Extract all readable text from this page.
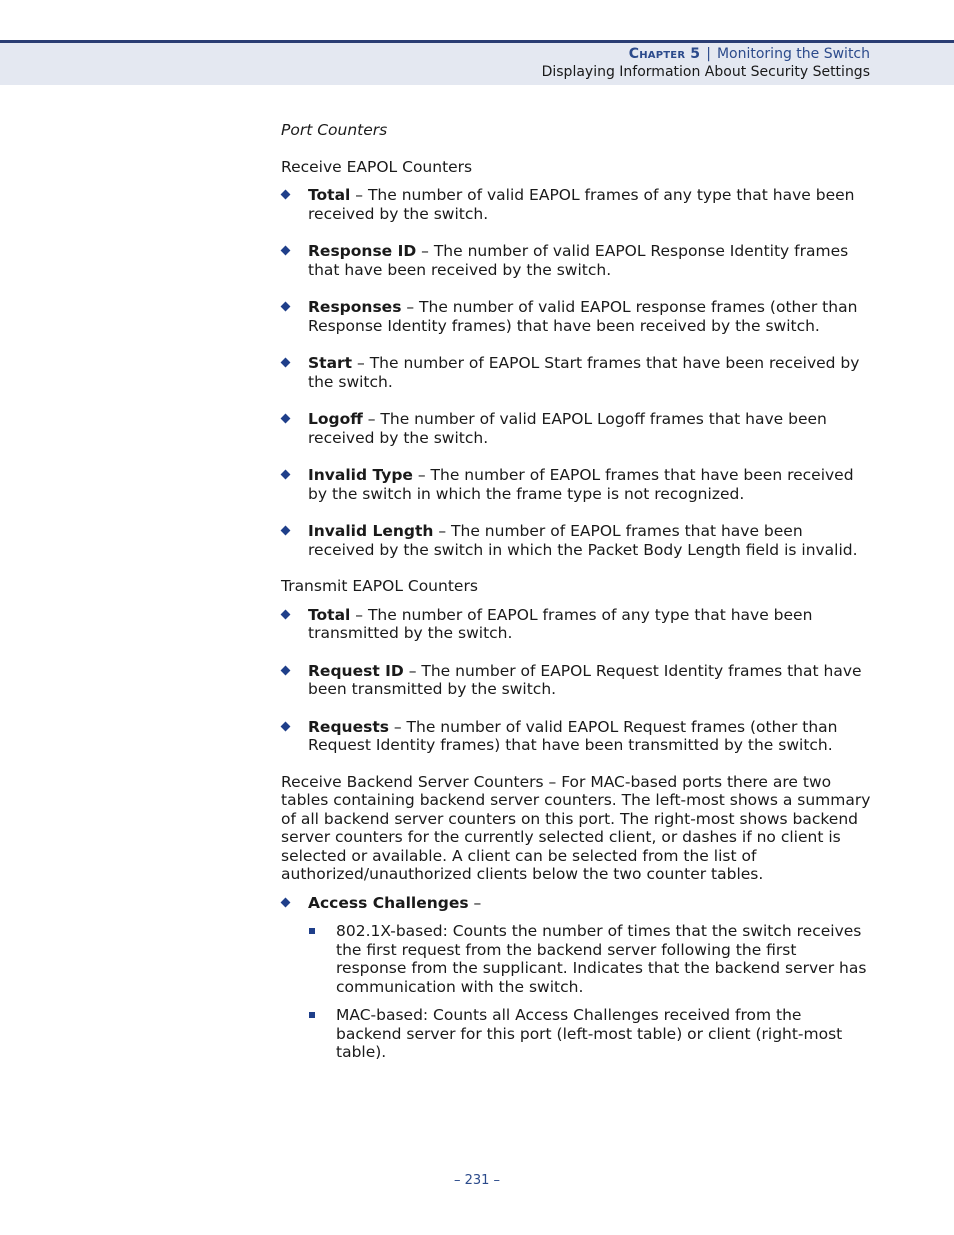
Chapter 5 | Monitoring the Switch
Displaying Information About Security Settings

Port Counters

Receive EAPOL Counters

Total – The number of valid EAPOL frames of any type that have been received by the switch.
Response ID – The number of valid EAPOL Response Identity frames that have been received by the switch.
Responses – The number of valid EAPOL response frames (other than Response Identity frames) that have been received by the switch.
Start – The number of EAPOL Start frames that have been received by the switch.
Logoff – The number of valid EAPOL Logoff frames that have been received by the switch.
Invalid Type – The number of EAPOL frames that have been received by the switch in which the frame type is not recognized.
Invalid Length – The number of EAPOL frames that have been received by the switch in which the Packet Body Length field is invalid.

Transmit EAPOL Counters

Total – The number of EAPOL frames of any type that have been transmitted by the switch.
Request ID – The number of EAPOL Request Identity frames that have been transmitted by the switch.
Requests – The number of valid EAPOL Request frames (other than Request Identity frames) that have been transmitted by the switch.

Receive Backend Server Counters – For MAC-based ports there are two tables containing backend server counters. The left-most shows a summary of all backend server counters on this port. The right-most shows backend server counters for the currently selected client, or dashes if no client is selected or available. A client can be selected from the list of authorized/unauthorized clients below the two counter tables.

Access Challenges –
802.1X-based: Counts the number of times that the switch receives the first request from the backend server following the first response from the supplicant. Indicates that the backend server has communication with the switch.
MAC-based: Counts all Access Challenges received from the backend server for this port (left-most table) or client (right-most table).
– 231 –
